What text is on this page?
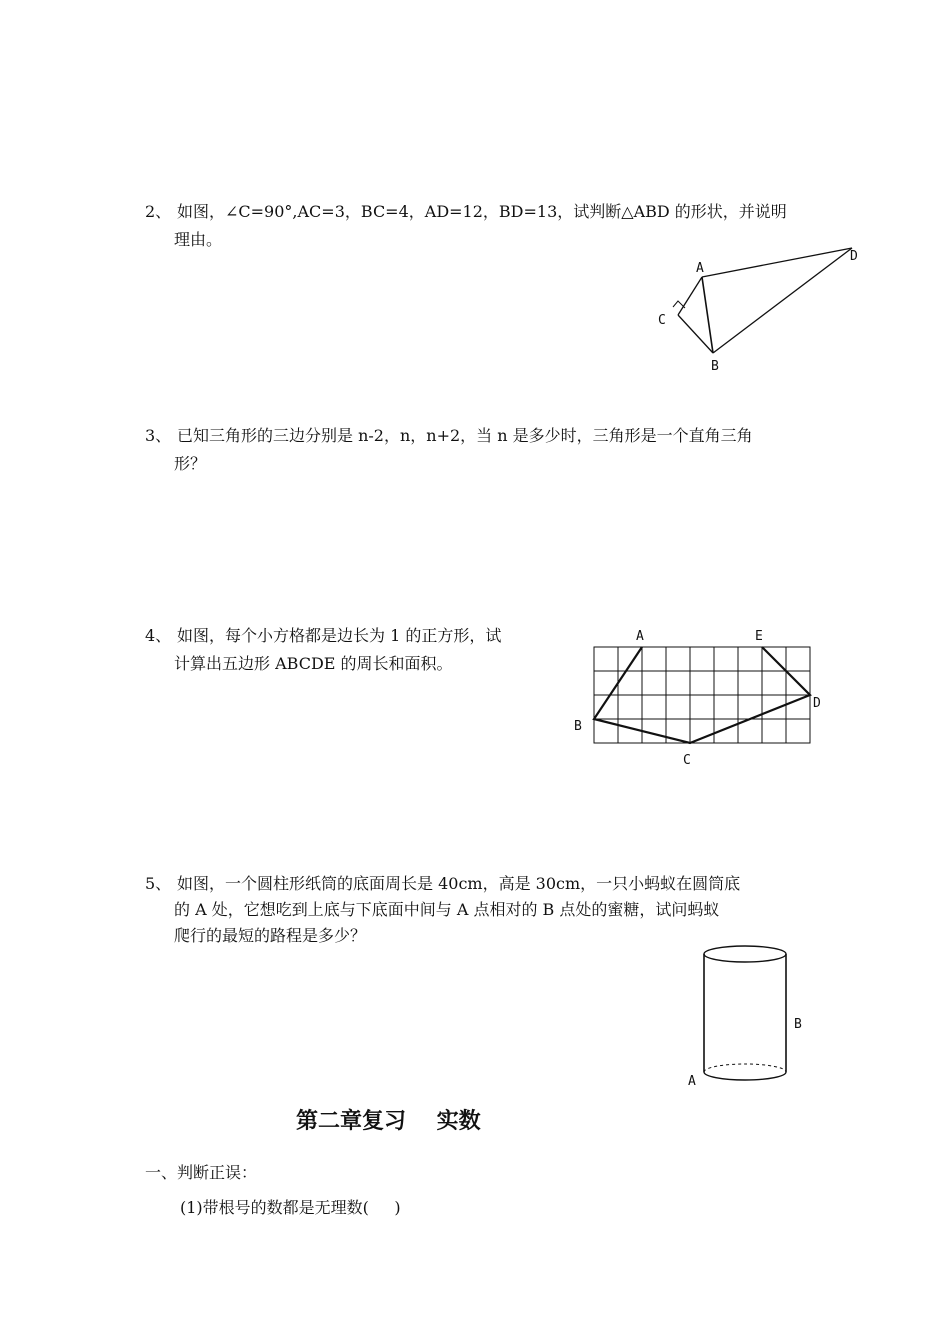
2、 如图，∠C=90°,AC=3，BC=4，AD=12，BD=13，试判断△ABD 的形状，并说明
理由。
A
D
C
B
3、 已知三角形的三边分别是 n-2，n，n+2，当 n 是多少时，三角形是一个直角三角
形？
4、 如图，每个小方格都是边长为 1 的正方形，试
计算出五边形 ABCDE 的周长和面积。
A	E
B
D
C
5、 如图，一个圆柱形纸筒的底面周长是 40cm，高是 30cm，一只小蚂蚁在圆筒底
的 A 处，它想吃到上底与下底面中间与 A 点相对的 B 点处的蜜糖，试问蚂蚁
爬行的最短的路程是多少？
B
A
第二章复习    实数
一、判断正误：
(1)带根号的数都是无理数(     )
